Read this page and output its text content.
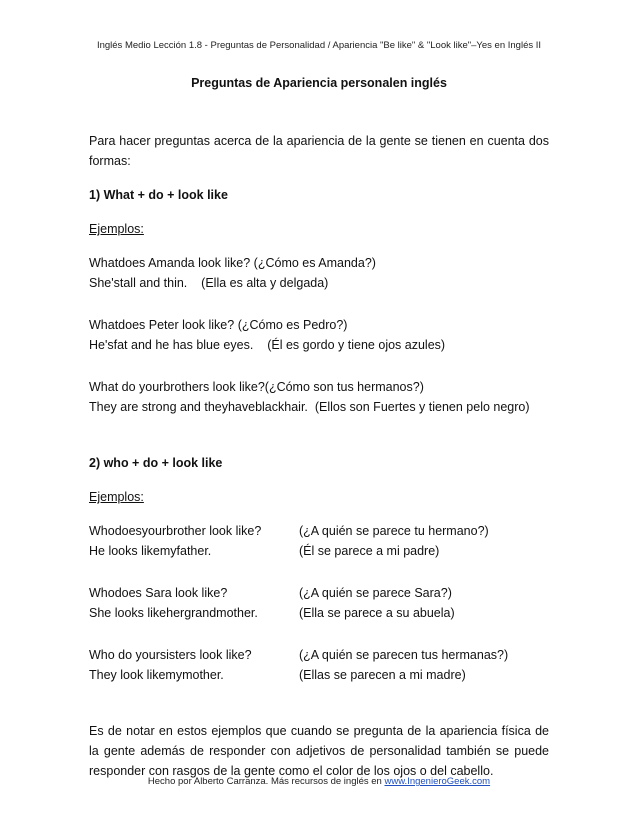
Inglés Medio Lección 1.8 - Preguntas de Personalidad / Apariencia "Be like" & "Look like"–Yes en Inglés II
Preguntas de Apariencia personalen inglés

Para hacer preguntas acerca de la apariencia de la gente se tienen en cuenta dos formas:

1) What + do + look like

Ejemplos:

Whatdoes Amanda look like? (¿Cómo es Amanda?)

She'stall and thin.    (Ella es alta y delgada)

Whatdoes Peter look like? (¿Cómo es Pedro?)

He'sfat and he has blue eyes.    (Él es gordo y tiene ojos azules)

What do yourbrothers look like?(¿Cómo son tus hermanos?)

They are strong and theyhaveblackhair.  (Ellos son Fuertes y tienen pelo negro)

2) who + do + look like

Ejemplos:

Whodoesyourbrother look like?	(¿A quién se parece tu hermano?)
He looks likemyfather.	(Él se parece a mi padre)
Whodoes Sara look like?	(¿A quién se parece Sara?)
She looks likehergrandmother.	(Ella se parece a su abuela)
Who do yoursisters look like?	(¿A quién se parecen tus hermanas?)
They look likemymother.	(Ellas se parecen a mi madre)

Es de notar en estos ejemplos que cuando se pregunta de la apariencia física de la gente además de responder con adjetivos de personalidad también se puede responder con rasgos de la gente como el color de los ojos o del cabello.

Hecho por Alberto Carranza. Más recursos de inglés en www.IngenieroGeek.com
